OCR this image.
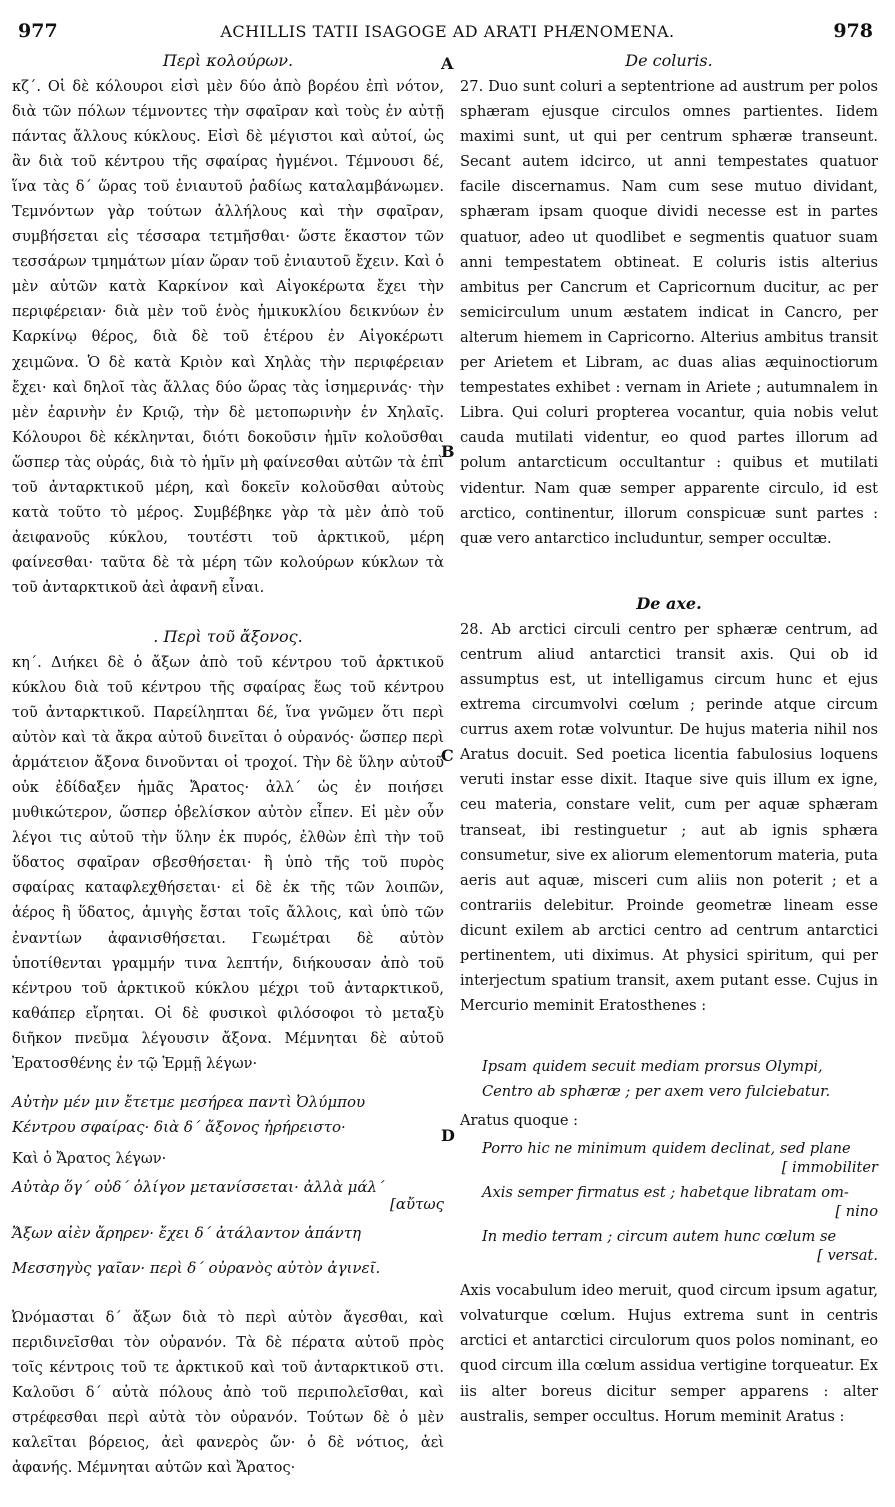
977	ACHILLIS TATII ISAGOGE AD ARATI PHÆNOMENA.	978
A
B
C
D

Περὶ κολούρων.

κζ΄. Οἱ δὲ κόλουροι εἰσὶ μὲν δύο ἀπὸ βορέου ἐπὶ νότον, διὰ τῶν πόλων τέμνοντες τὴν σφαῖραν καὶ τοὺς ἐν αὐτῇ πάντας ἄλλους κύκλους. Εἰσὶ δὲ μέγιστοι καὶ αὐτοί, ὡς ἂν διὰ τοῦ κέντρου τῆς σφαίρας ἠγμένοι. Τέμνουσι δέ, ἵνα τὰς δ΄ ὥρας τοῦ ἐνιαυτοῦ ῥαδίως καταλαμβάνωμεν. Τεμνόντων γὰρ τούτων ἀλλήλους καὶ τὴν σφαῖραν, συμβήσεται εἰς τέσσαρα τετμῆσθαι· ὥστε ἕκαστον τῶν τεσσάρων τμημάτων μίαν ὥραν τοῦ ἐνιαυτοῦ ἔχειν. Καὶ ὁ μὲν αὐτῶν κατὰ Καρκίνον καὶ Αἰγοκέρωτα ἔχει τὴν περιφέρειαν· διὰ μὲν τοῦ ἑνὸς ἡμικυκλίου δεικνύων ἐν Καρκίνῳ θέρος, διὰ δὲ τοῦ ἑτέρου ἐν Αἰγοκέρωτι χειμῶνα. Ὁ δὲ κατὰ Κριὸν καὶ Χηλὰς τὴν περιφέρειαν ἔχει· καὶ δηλοῖ τὰς ἄλλας δύο ὥρας τὰς ἰσημερινάς· τὴν μὲν ἐαρινὴν ἐν Κριῷ, τὴν δὲ μετοπωρινὴν ἐν Χηλαῖς. Κόλουροι δὲ κέκληνται, διότι δοκοῦσιν ἡμῖν κολοῦσθαι ὥσπερ τὰς οὐράς, διὰ τὸ ἡμῖν μὴ φαίνεσθαι αὐτῶν τὰ ἐπὶ τοῦ ἀνταρκτικοῦ μέρη, καὶ δοκεῖν κολοῦσθαι αὐτοὺς κατὰ τοῦτο τὸ μέρος. Συμβέβηκε γὰρ τὰ μὲν ἀπὸ τοῦ ἀειφανοῦς κύκλου, τουτέστι τοῦ ἀρκτικοῦ, μέρη φαίνεσθαι· ταῦτα δὲ τὰ μέρη τῶν κολούρων κύκλων τὰ τοῦ ἀνταρκτικοῦ ἀεὶ ἀφανῆ εἶναι.

. Περὶ τοῦ ἄξονος.

κη΄. Διήκει δὲ ὁ ἄξων ἀπὸ τοῦ κέντρου τοῦ ἀρκτικοῦ κύκλου διὰ τοῦ κέντρου τῆς σφαίρας ἕως τοῦ κέντρου τοῦ ἀνταρκτικοῦ. Παρείληπται δέ, ἵνα γνῶμεν ὅτι περὶ αὐτὸν καὶ τὰ ἄκρα αὐτοῦ δινεῖται ὁ οὐρανός· ὥσπερ περὶ ἁρμάτειον ἄξονα δινοῦνται οἱ τροχοί. Τὴν δὲ ὕλην αὐτοῦ οὐκ ἐδίδαξεν ἡμᾶς Ἄρατος· ἀλλ΄ ὡς ἐν ποιήσει μυθικώτερον, ὥσπερ ὀβελίσκον αὐτὸν εἶπεν. Εἰ μὲν οὖν λέγοι τις αὐτοῦ τὴν ὕλην ἐκ πυρός, ἐλθὼν ἐπὶ τὴν τοῦ ὕδατος σφαῖραν σβεσθήσεται· ἢ ὑπὸ τῆς τοῦ πυρὸς σφαίρας καταφλεχθήσεται· εἰ δὲ ἐκ τῆς τῶν λοιπῶν, ἀέρος ἢ ὕδατος, ἀμιγὴς ἔσται τοῖς ἄλλοις, καὶ ὑπὸ τῶν ἐναντίων ἀφανισθήσεται. Γεωμέτραι δὲ αὐτὸν ὑποτίθενται γραμμήν τινα λεπτήν, διήκουσαν ἀπὸ τοῦ κέντρου τοῦ ἀρκτικοῦ κύκλου μέχρι τοῦ ἀνταρκτικοῦ, καθάπερ εἴρηται. Οἱ δὲ φυσικοὶ φιλόσοφοι τὸ μεταξὺ διῆκον πνεῦμα λέγουσιν ἄξονα. Μέμνηται δὲ αὐτοῦ Ἐρατοσθένης ἐν τῷ Ἑρμῇ λέγων·

Αὐτὴν μέν μιν ἔτετμε μεσήρεα παντὶ Ὀλύμπου

Κέντρου σφαίρας· διὰ δ΄ ἄξονος ἠρήρειστο·

Καὶ ὁ Ἄρατος λέγων·

Αὐτὰρ ὅγ΄ οὐδ΄ ὀλίγον μετανίσσεται· ἀλλὰ μάλ΄

[αὔτως

Ἄξων αἰὲν ἄρηρεν· ἔχει δ΄ ἀτάλαντον ἁπάντη

Μεσσηγὺς γαῖαν· περὶ δ΄ οὐρανὸς αὐτὸν ἀγινεῖ.

Ὠνόμασται δ΄ ἄξων διὰ τὸ περὶ αὐτὸν ἄγεσθαι, καὶ περιδινεῖσθαι τὸν οὐρανόν. Τὰ δὲ πέρατα αὐτοῦ πρὸς τοῖς κέντροις τοῦ τε ἀρκτικοῦ καὶ τοῦ ἀνταρκτικοῦ στι. Καλοῦσι δ΄ αὐτὰ πόλους ἀπὸ τοῦ περιπολεῖσθαι, καὶ στρέφεσθαι περὶ αὐτὰ τὸν οὐρανόν. Τούτων δὲ ὁ μὲν καλεῖται βόρειος, ἀεὶ φανερὸς ὤν· ὁ δὲ νότιος, ἀεὶ ἀφανής. Μέμνηται αὐτῶν καὶ Ἄρατος·

De coluris.

27. Duo sunt coluri a septentrione ad austrum per polos sphæram ejusque circulos omnes partientes. Iidem maximi sunt, ut qui per centrum sphæræ transeunt. Secant autem idcirco, ut anni tempestates quatuor facile discernamus. Nam cum sese mutuo dividant, sphæram ipsam quoque dividi necesse est in partes quatuor, adeo ut quodlibet e segmentis quatuor suam anni tempestatem obtineat. E coluris istis alterius ambitus per Cancrum et Capricornum ducitur, ac per semicirculum unum æstatem indicat in Cancro, per alterum hiemem in Capricorno. Alterius ambitus transit per Arietem et Libram, ac duas alias æquinoctiorum tempestates exhibet : vernam in Ariete ; autumnalem in Libra. Qui coluri propterea vocantur, quia nobis velut cauda mutilati videntur, eo quod partes illorum ad polum antarcticum occultantur : quibus et mutilati videntur. Nam quæ semper apparente circulo, id est arctico, continentur, illorum conspicuæ sunt partes : quæ vero antarctico includuntur, semper occultæ.

De axe.

28. Ab arctici circuli centro per sphæræ centrum, ad centrum aliud antarctici transit axis. Qui ob id assumptus est, ut intelligamus circum hunc et ejus extrema circumvolvi cœlum ; perinde atque circum currus axem rotæ volvuntur. De hujus materia nihil nos Aratus docuit. Sed poetica licentia fabulosius loquens veruti instar esse dixit. Itaque sive quis illum ex igne, ceu materia, constare velit, cum per aquæ sphæram transeat, ibi restinguetur ; aut ab ignis sphæra consumetur, sive ex aliorum elementorum materia, puta aeris aut aquæ, misceri cum aliis non poterit ; et a contrariis delebitur. Proinde geometræ lineam esse dicunt exilem ab arctici centro ad centrum antarctici pertinentem, uti diximus. At physici spiritum, qui per interjectum spatium transit, axem putant esse. Cujus in Mercurio meminit Eratosthenes :

Ipsam quidem secuit mediam prorsus Olympi,

Centro ab sphæræ ; per axem vero fulciebatur.

Aratus quoque :

Porro hic ne minimum quidem declinat, sed plane

[ immobiliter

Axis semper firmatus est ; habetque libratam om-

[ nino

In medio terram ; circum autem hunc cœlum se

[ versat.

Axis vocabulum ideo meruit, quod circum ipsum agatur, volvaturque cœlum. Hujus extrema sunt in centris arctici et antarctici circulorum quos polos nominant, eo quod circum illa cœlum assidua vertigine torqueatur. Ex iis alter boreus dicitur semper apparens : alter australis, semper occultus. Horum meminit Aratus :
